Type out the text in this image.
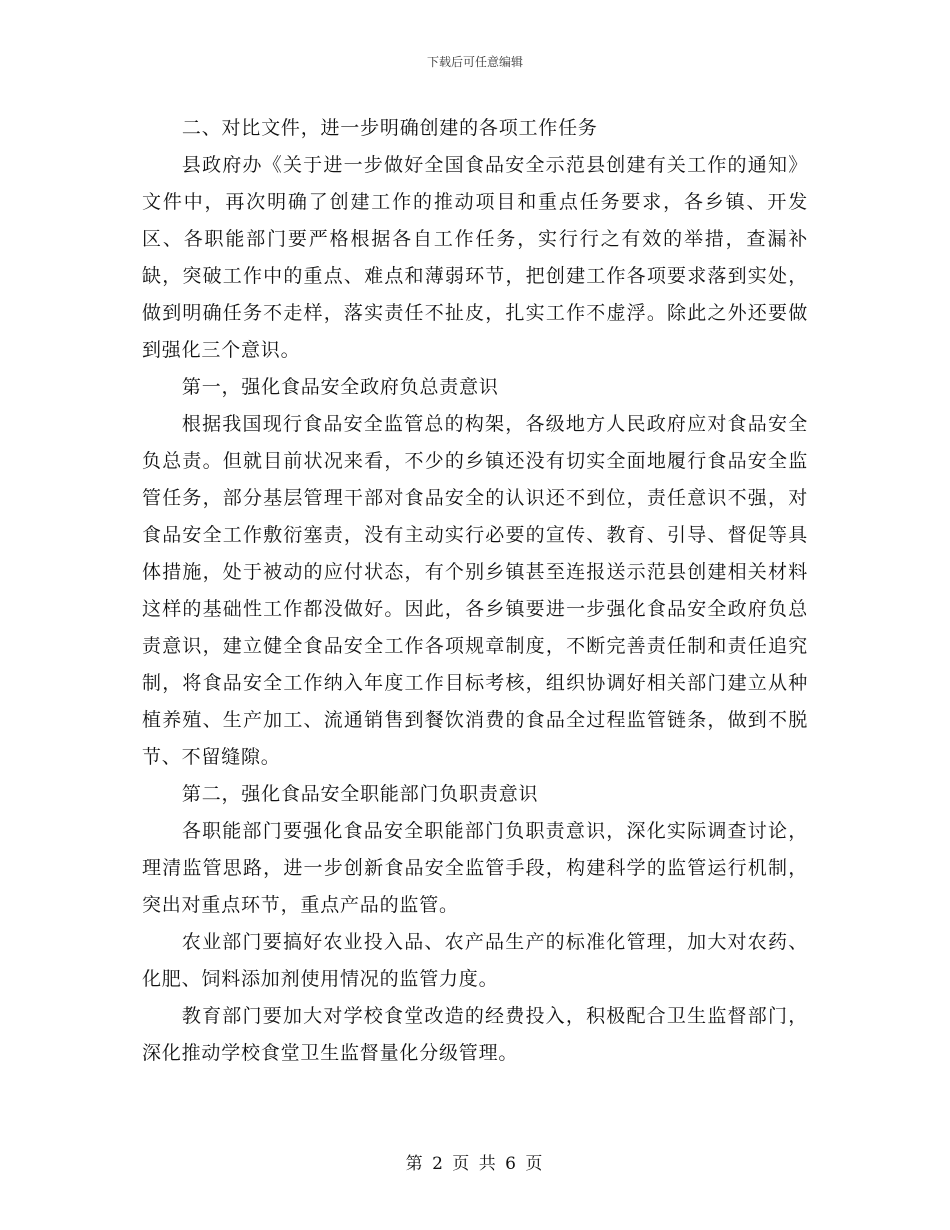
下载后可任意编辑

二、对比文件，进一步明确创建的各项工作任务

县政府办《关于进一步做好全国食品安全示范县创建有关工作的通知》文件中，再次明确了创建工作的推动项目和重点任务要求，各乡镇、开发区、各职能部门要严格根据各自工作任务，实行行之有效的举措，查漏补缺，突破工作中的重点、难点和薄弱环节，把创建工作各项要求落到实处，做到明确任务不走样，落实责任不扯皮，扎实工作不虚浮。除此之外还要做到强化三个意识。

第一，强化食品安全政府负总责意识

根据我国现行食品安全监管总的构架，各级地方人民政府应对食品安全负总责。但就目前状况来看，不少的乡镇还没有切实全面地履行食品安全监管任务，部分基层管理干部对食品安全的认识还不到位，责任意识不强，对食品安全工作敷衍塞责，没有主动实行必要的宣传、教育、引导、督促等具体措施，处于被动的应付状态，有个别乡镇甚至连报送示范县创建相关材料这样的基础性工作都没做好。因此，各乡镇要进一步强化食品安全政府负总责意识，建立健全食品安全工作各项规章制度，不断完善责任制和责任追究制，将食品安全工作纳入年度工作目标考核，组织协调好相关部门建立从种植养殖、生产加工、流通销售到餐饮消费的食品全过程监管链条，做到不脱节、不留缝隙。

第二，强化食品安全职能部门负职责意识

各职能部门要强化食品安全职能部门负职责意识，深化实际调查讨论，理清监管思路，进一步创新食品安全监管手段，构建科学的监管运行机制，突出对重点环节，重点产品的监管。

农业部门要搞好农业投入品、农产品生产的标准化管理，加大对农药、化肥、饲料添加剂使用情况的监管力度。

教育部门要加大对学校食堂改造的经费投入，积极配合卫生监督部门，深化推动学校食堂卫生监督量化分级管理。

第 2 页 共 6 页
